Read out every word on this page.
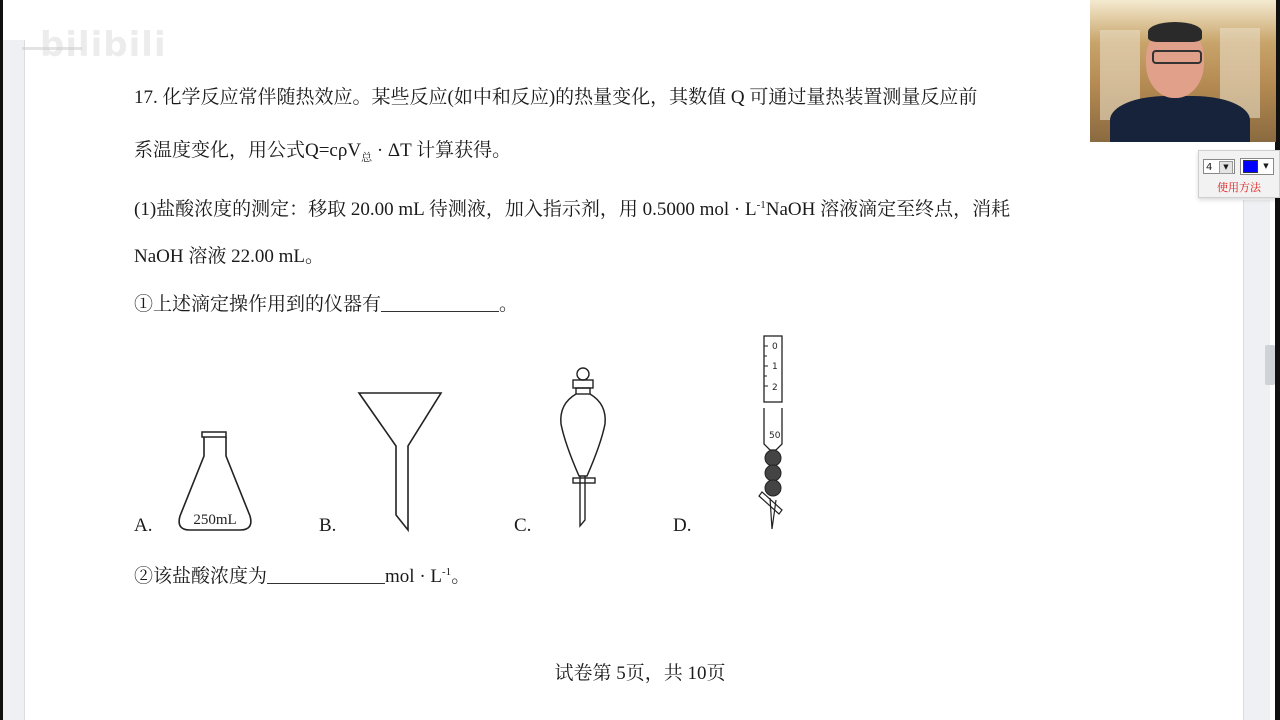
bilibili
17. 化学反应常伴随热效应。某些反应(如中和反应)的热量变化，其数值 Q 可通过量热装置测量反应前
系温度变化，用公式Q=cρV$_总$ · ΔT 计算获得。
(1)盐酸浓度的测定：移取 20.00 mL 待测液，加入指示剂，用 0.5000 mol · $L^{-1}NaOH$ 溶液滴定至终点，消耗
NaOH 溶液 22.00 mL。
①上述滴定操作用到的仪器有	。
A.	250mL	B.	C.	D.
0
1
2
50
②该盐酸浓度为	mol · $L^{-1}$。
试卷第 5页，共 10页
4	▼	▼
使用方法
